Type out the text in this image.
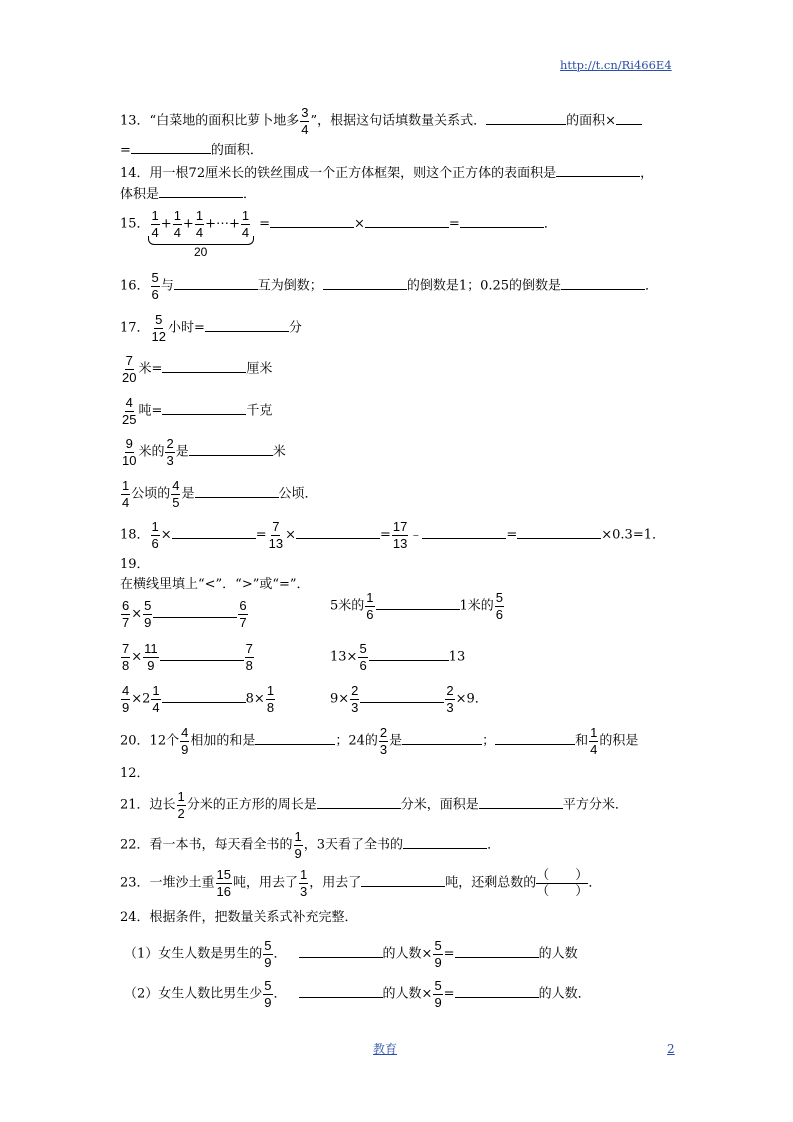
http://t.cn/Ri466E4
13．“白菜地的面积比萝卜地多 $\frac{3}{4}$ ”，根据这句话填数量关系式．	的面积×
=	的面积．
14．用一根72厘米长的铁丝围成一个正方体框架，则这个正方体的表面积是	，
体积是	．
15． $\frac{1}{4} + \frac{1}{4} + \frac{1}{4}$ +⋯+ $\frac{1}{4}$ =	×	=	．
20
16． $\frac{5}{6}$ 与	互为倒数；	的倒数是1；0.25的倒数是	．
17． $\frac{5}{12}$ 小时=	分
$\frac{7}{20}$ 米=	厘米
$\frac{4}{25}$ 吨=	千克
$\frac{9}{10}$ 米的 $\frac{2}{3}$ 是	米
$\frac{1}{4}$ 公顷的 $\frac{4}{5}$ 是	公顷．
18． $\frac{1}{6}$ ×	= $\frac{7}{13}$ ×	= $\frac{17}{13}$ ﹣	=	×0.3=1．
19．
在横线里填上“<”．“>”或“=”．
$\frac{6}{7} \times \frac{5}{9}$	$\frac{6}{7}$	5米的 $\frac{1}{6}$	1米的 $\frac{5}{6}$
$\frac{7}{8} \times \frac{11}{9}$	$\frac{7}{8}$	$13\times \frac{5}{6}$	13
$\frac{4}{9} \times 2 \frac{1}{4}$	$8\times \frac{1}{8}$	$9\times \frac{2}{3}$	$\frac{2}{3} \times 9$．
20．12个 $\frac{4}{9}$ 相加的和是	；24的 $\frac{2}{3}$ 是	；	和 $\frac{1}{4}$ 的积是
12．
21．边长 $\frac{1}{2}$ 分米的正方形的周长是	分米，面积是	平方分米．
22．看一本书，每天看全书的 $\frac{1}{9}$ ，3天看了全书的	．
23．一堆沙土重 $\frac{15}{16}$ 吨，用去了 $\frac{1}{3}$ ，用去了	吨，还剩总数的
（　　）
（　　） ．
24．根据条件，把数量关系式补充完整．
（1）女生人数是男生的 $\frac{5}{9}$ ．	的人数× $\frac{5}{9}$ =	的人数
（2）女生人数比男生少 $\frac{5}{9}$ ．	的人数× $\frac{5}{9}$ =	的人数．
教育	2
